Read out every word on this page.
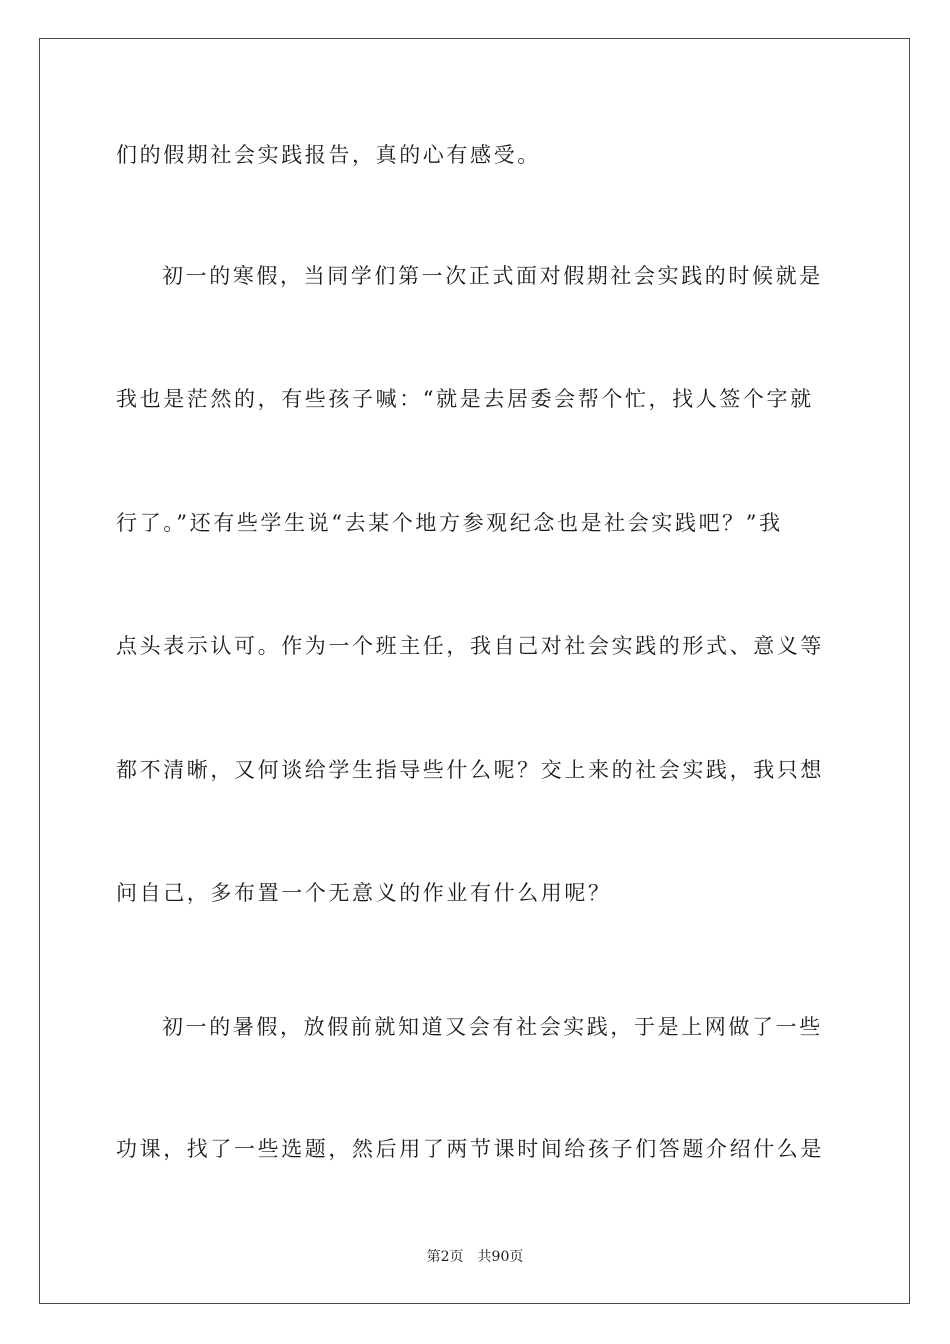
们的假期社会实践报告，真的心有感受。
初一的寒假，当同学们第一次正式面对假期社会实践的时候就是
我也是茫然的，有些孩子喊：“就是去居委会帮个忙，找人签个字就
行了。”还有些学生说“去某个地方参观纪念也是社会实践吧？”我
点头表示认可。作为一个班主任，我自己对社会实践的形式、意义等
都不清晰，又何谈给学生指导些什么呢？交上来的社会实践，我只想
问自己，多布置一个无意义的作业有什么用呢？
初一的暑假，放假前就知道又会有社会实践，于是上网做了一些
功课，找了一些选题，然后用了两节课时间给孩子们答题介绍什么是
第2页 共90页
